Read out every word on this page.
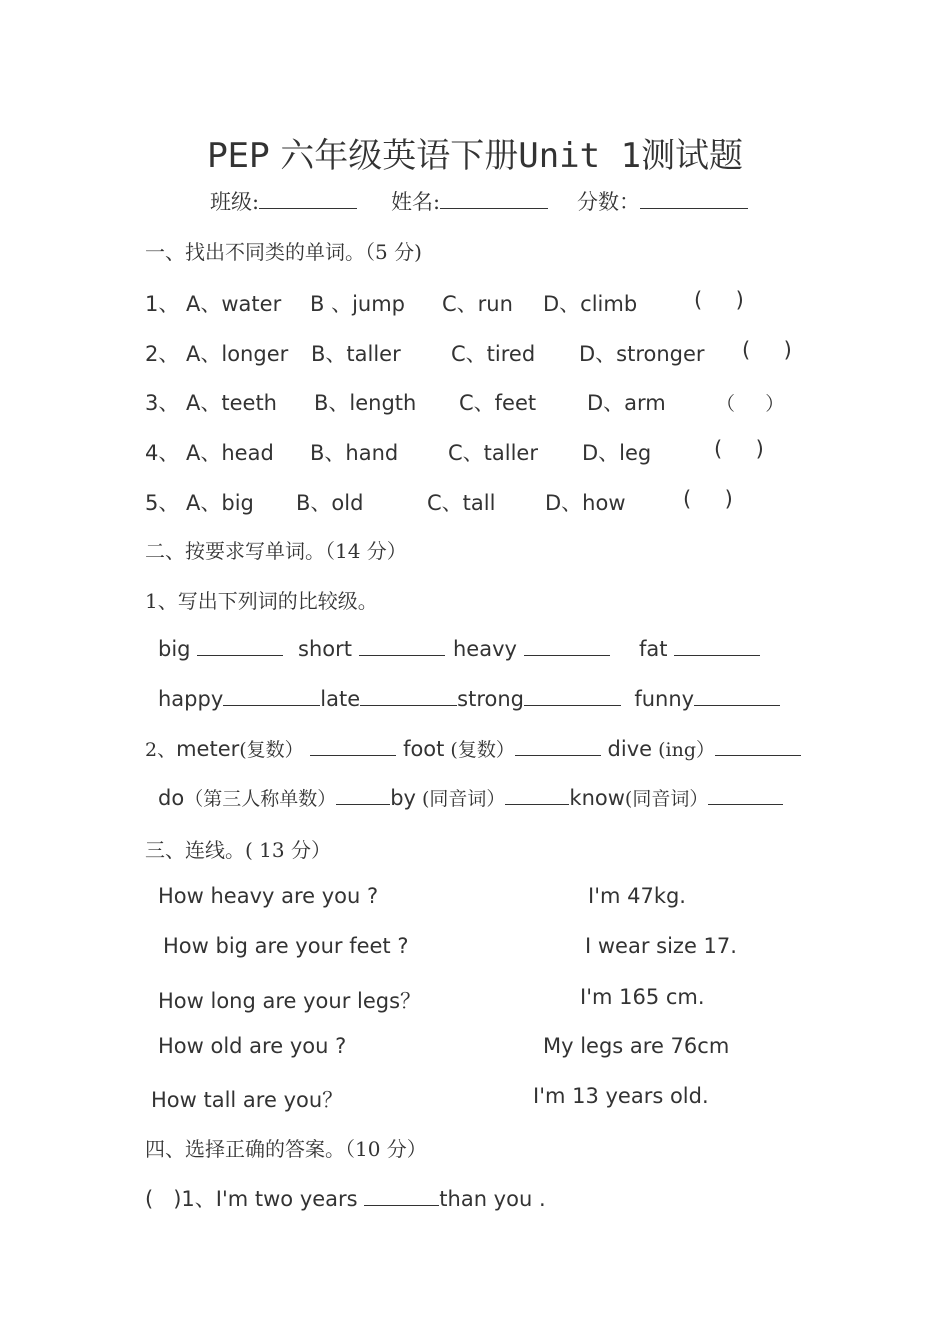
PEP 六年级英语下册Unit 1测试题
班级:	姓名:	分数：
一、找出不同类的单词。（5 分)
1、 A、water B 、jump C、run D、climb	(     )
2、 A、longer B、taller C、tired D、stronger (     )
3、 A、teeth B、length C、feet D、arm	（     ）
4、 A、head B、hand C、taller D、leg	(     )
5、 A、big B、old	C、tall D、how	(     )
二、按要求写单词。（14 分）
1、写出下列词的比较级。
big	short	heavy	fat
happy	late	strong	funny
2、meter(复数）	foot (复数）	dive (ing）
do（第三人称单数）	by (同音词）	know(同音词）
三、连线。( 13 分）
How heavy are you ?
How big are your feet ?
How long are your legs？
How old are you ?
How tall are you？
I'm 47kg.
I wear size 17.
I'm 165 cm.
My legs are 76cm
I'm 13 years old.
四、选择正确的答案。（10 分）
(   )1、I'm two years	than you .
